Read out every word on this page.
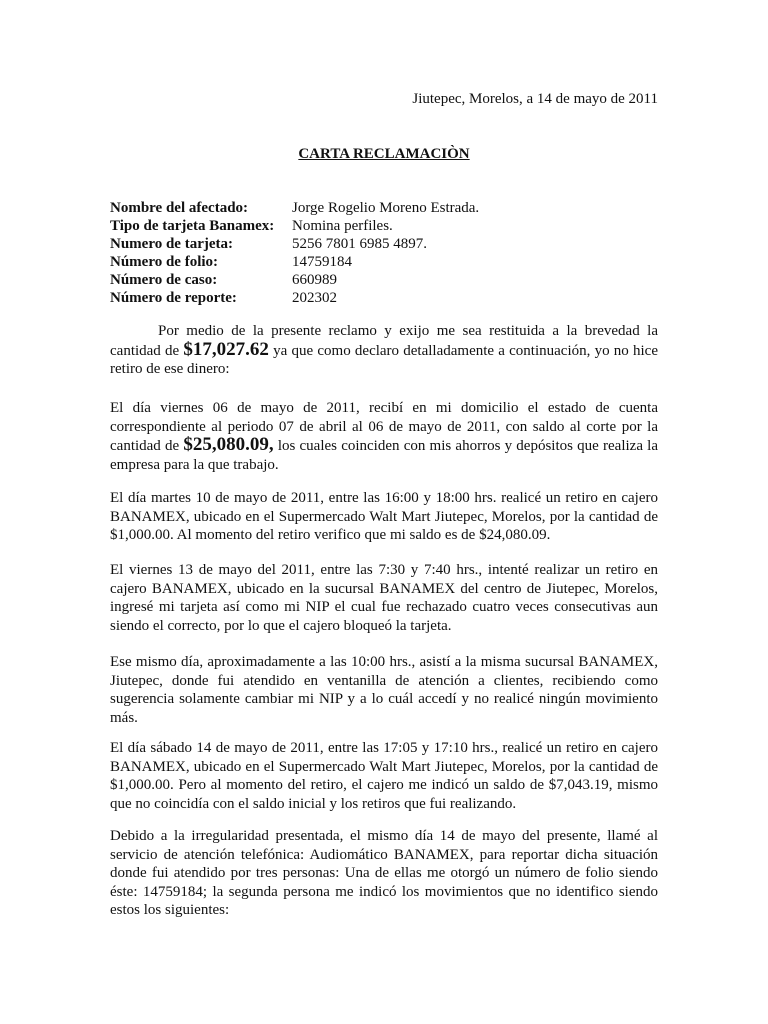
Jiutepec, Morelos, a 14 de mayo de 2011
CARTA RECLAMACIÒN
Nombre del afectado:	Jorge Rogelio Moreno Estrada.
Tipo de tarjeta Banamex: Nomina perfiles.
Numero de tarjeta:	5256 7801 6985 4897.
Número de folio:	14759184
Número de caso:	660989
Número de reporte:	202302

Por medio de la presente reclamo y exijo me sea restituida a la brevedad la cantidad de $17,027.62 ya que como declaro detalladamente a continuación, yo no hice retiro de ese dinero:

El día viernes 06 de mayo de 2011, recibí en mi domicilio el estado de cuenta correspondiente al periodo 07 de abril al 06 de mayo de 2011, con saldo al corte por la cantidad de $25,080.09, los cuales coinciden con mis ahorros y depósitos que realiza la empresa para la que trabajo.

El día martes 10 de mayo de 2011, entre las 16:00 y 18:00 hrs. realicé un retiro en cajero BANAMEX, ubicado en el Supermercado Walt Mart Jiutepec, Morelos, por la cantidad de $1,000.00. Al momento del retiro verifico que mi saldo es de $24,080.09.

El viernes 13 de mayo del 2011, entre las 7:30 y 7:40 hrs., intenté realizar un retiro en cajero BANAMEX, ubicado en la sucursal BANAMEX del centro de Jiutepec, Morelos, ingresé mi tarjeta así como mi NIP el cual fue rechazado cuatro veces consecutivas aun siendo el correcto, por lo que el cajero bloqueó la tarjeta.

Ese mismo día, aproximadamente a las 10:00 hrs., asistí a la misma sucursal BANAMEX, Jiutepec, donde fui atendido en ventanilla de atención a clientes, recibiendo como sugerencia solamente cambiar mi NIP y a lo cuál accedí y no realicé ningún movimiento más.

El día sábado 14 de mayo de 2011, entre las 17:05 y 17:10 hrs., realicé un retiro en cajero BANAMEX, ubicado en el Supermercado Walt Mart Jiutepec, Morelos, por la cantidad de $1,000.00. Pero al momento del retiro, el cajero me indicó un saldo de $7,043.19, mismo que no coincidía con el saldo inicial y los retiros que fui realizando.

Debido a la irregularidad presentada, el mismo día 14 de mayo del presente, llamé al servicio de atención telefónica: Audiomático BANAMEX, para reportar dicha situación donde fui atendido por tres personas: Una de ellas me otorgó un número de folio siendo éste: 14759184; la segunda persona me indicó los movimientos que no identifico siendo estos los siguientes:
